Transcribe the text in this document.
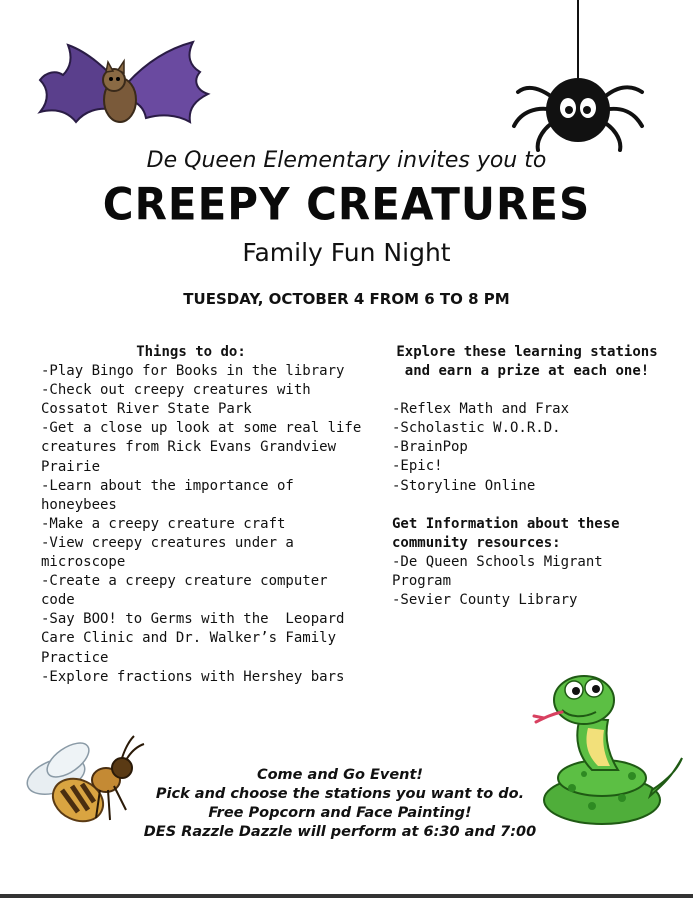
De Queen Elementary invites you to
CREEPY CREATURES
Family Fun Night
TUESDAY, OCTOBER 4 FROM 6 TO 8 PM
Things to do:
-Play Bingo for Books in the library
-Check out creepy creatures with
Cossatot River State Park
-Get a close up look at some real life
creatures from Rick Evans Grandview
Prairie
-Learn about the importance of
honeybees
-Make a creepy creature craft
-View creepy creatures under a
microscope
-Create a creepy creature computer
code
-Say BOO! to Germs with the  Leopard
Care Clinic and Dr. Walker’s Family
Practice
-Explore fractions with Hershey bars
Explore these learning stations
and earn a prize at each one!
-Reflex Math and Frax
-Scholastic W.O.R.D.
-BrainPop
-Epic!
-Storyline Online
Get Information about these
community resources:
-De Queen Schools Migrant
Program
-Sevier County Library
Come and Go Event!
Pick and choose the stations you want to do.
Free Popcorn and Face Painting!
DES Razzle Dazzle will perform at 6:30 and 7:00
